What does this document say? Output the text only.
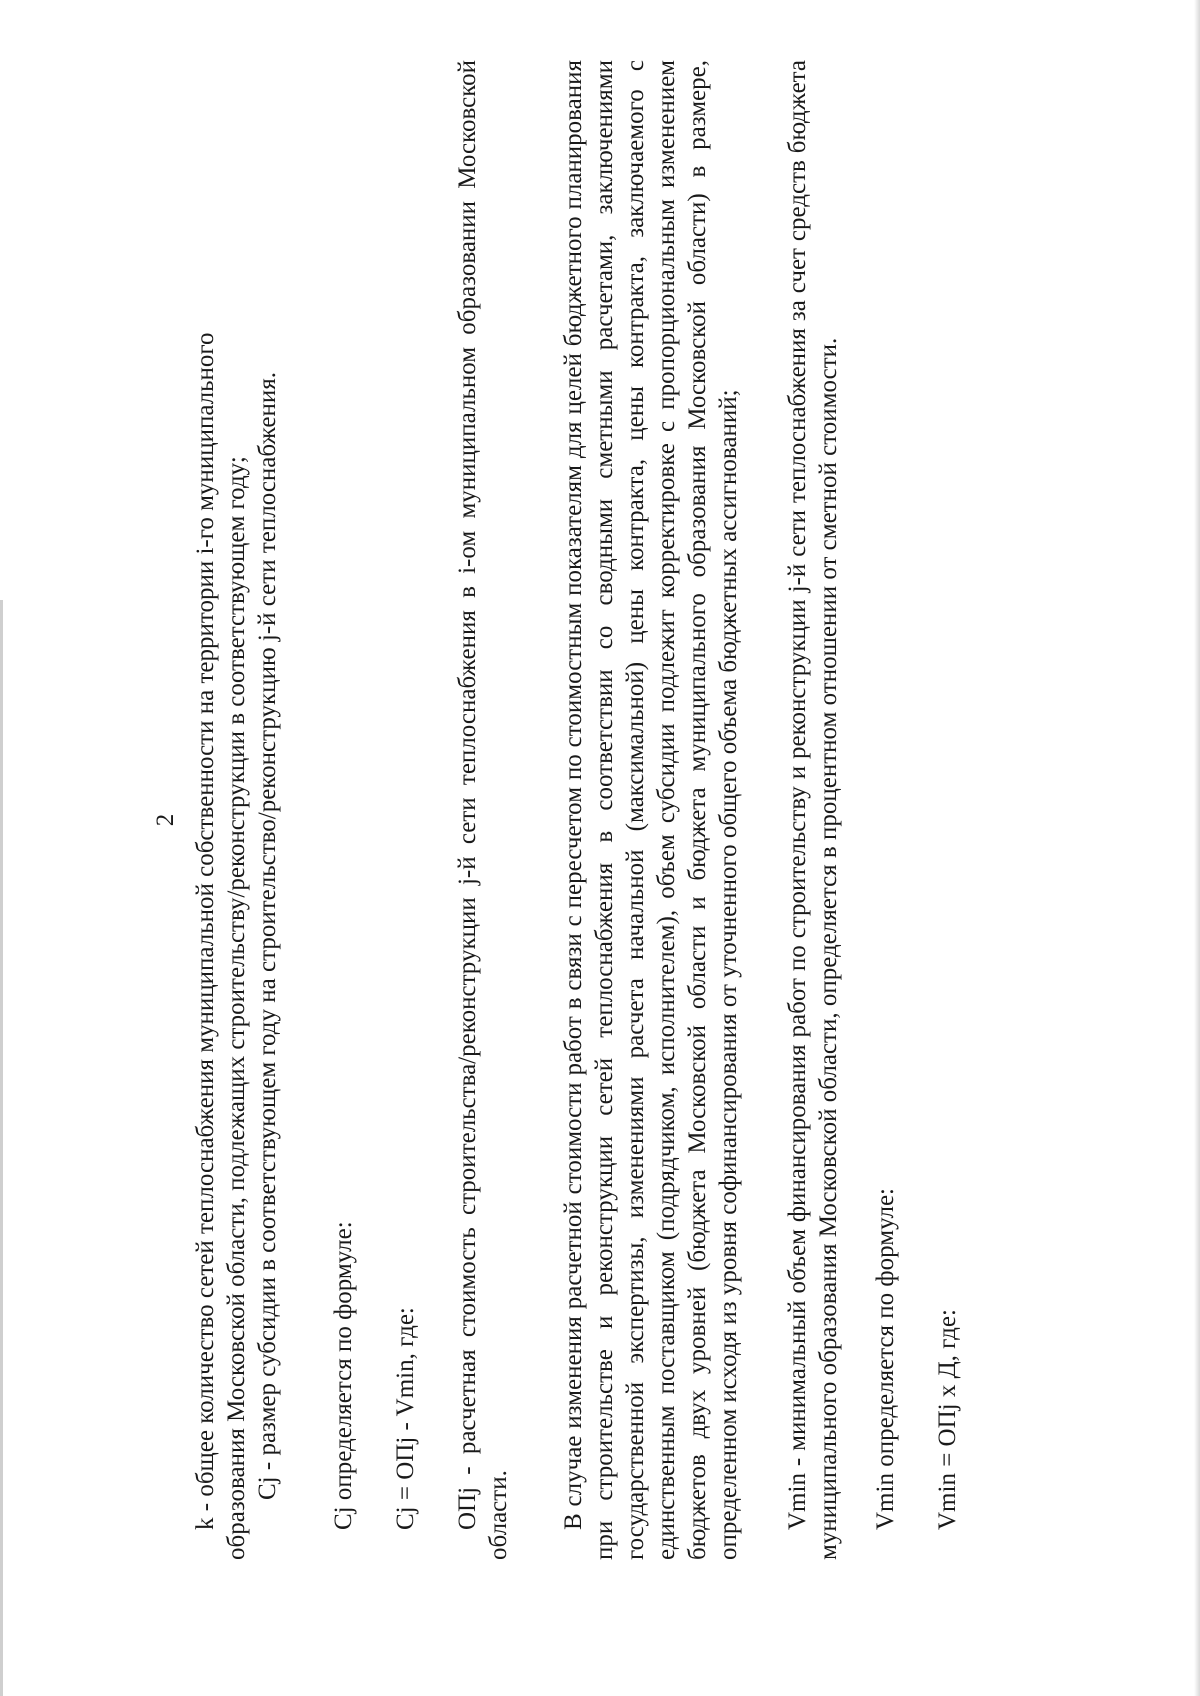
2 k - общее количество сетей теплоснабжения муниципальной собственности на территории i-го муниципального образования Московской области, подлежащих строительству/реконструкции в соответствующем году; Cj - размер субсидии в соответствующем году на строительство/реконструкцию j-й сети теплоснабжения. Cj определяется по формуле: Cj = OПj - Vmin, где: OПj - расчетная стоимость строительства/реконструкции j-й сети теплоснабжения в i-ом муниципальном образовании Московской области. В случае изменения расчетной стоимости работ в связи с пересчетом по стоимостным показателям для целей бюджетного планирования при строительстве и реконструкции сетей теплоснабжения в соответствии со сводными сметными расчетами, заключениями государственной экспертизы, изменениями расчета начальной (максимальной) цены контракта, цены контракта, заключаемого с единственным поставщиком (подрядчиком, исполнителем), объем субсидии подлежит корректировке с пропорциональным изменением бюджетов двух уровней (бюджета Московской области и бюджета муниципального образования Московской области) в размере, определенном исходя из уровня софинансирования от уточненного общего объема бюджетных ассигнований; Vmin - минимальный объем финансирования работ по строительству и реконструкции j-й сети теплоснабжения за счет средств бюджета муниципального образования Московской области, определяется в процентном отношении от сметной стоимости. Vmin определяется по формуле: Vmin = OПj x Д, где:
